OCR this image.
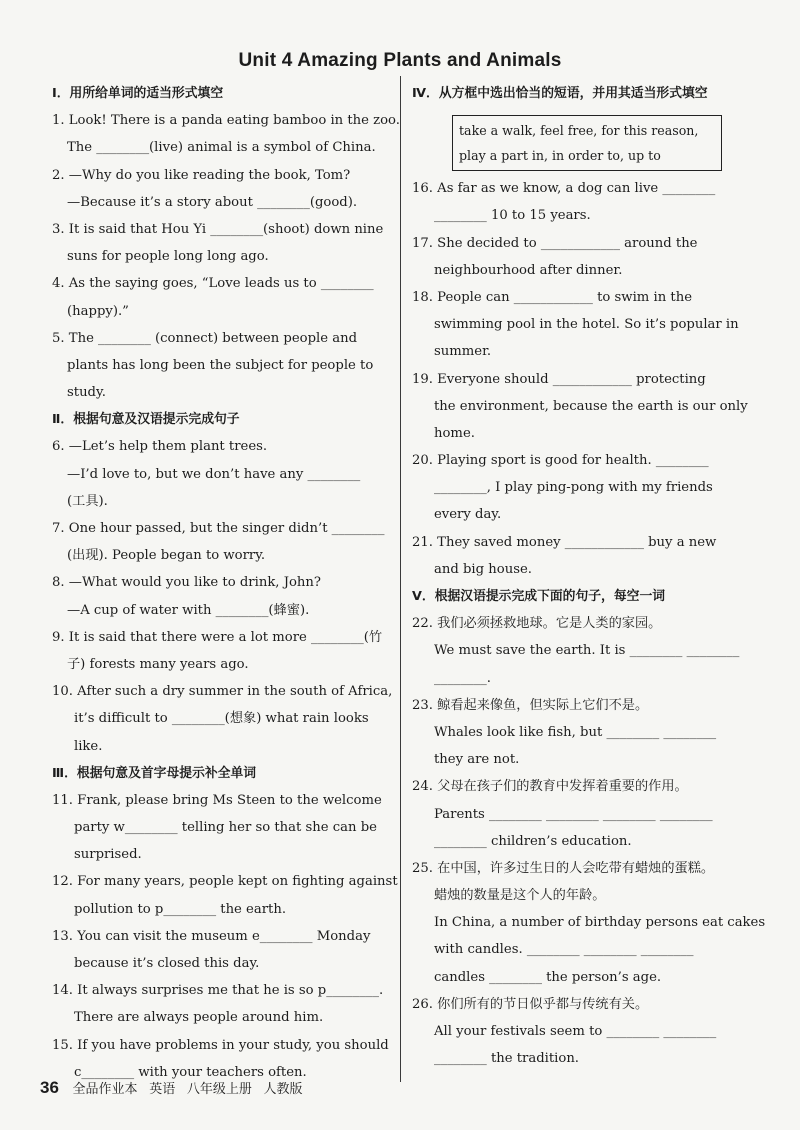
Unit 4 Amazing Plants and Animals
Ⅰ．用所给单词的适当形式填空
1. Look! There is a panda eating bamboo in the zoo.
The ________(live) animal is a symbol of China.
2. —Why do you like reading the book, Tom?
—Because it’s a story about ________(good).
3. It is said that Hou Yi ________(shoot) down nine
suns for people long long ago.
4. As the saying goes, “Love leads us to ________
(happy).”
5. The ________ (connect) between people and
plants has long been the subject for people to
study.
Ⅱ．根据句意及汉语提示完成句子
6. —Let’s help them plant trees.
—I’d love to, but we don’t have any ________
(工具).
7. One hour passed, but the singer didn’t ________
(出现). People began to worry.
8. —What would you like to drink, John?
—A cup of water with ________(蜂蜜).
9. It is said that there were a lot more ________(竹
子) forests many years ago.
10. After such a dry summer in the south of Africa,
it’s difficult to ________(想象) what rain looks
like.
Ⅲ．根据句意及首字母提示补全单词
11. Frank, please bring Ms Steen to the welcome
party w________ telling her so that she can be
surprised.
12. For many years, people kept on fighting against
pollution to p________ the earth.
13. You can visit the museum e________ Monday
because it’s closed this day.
14. It always surprises me that he is so p________.
There are always people around him.
15. If you have problems in your study, you should
c________ with your teachers often.
Ⅳ．从方框中选出恰当的短语，并用其适当形式填空
take a walk, feel free, for this reason,
play a part in, in order to, up to
16. As far as we know, a dog can live ________
________ 10 to 15 years.
17. She decided to ____________ around the
neighbourhood after dinner.
18. People can ____________ to swim in the
swimming pool in the hotel. So it’s popular in
summer.
19. Everyone should ____________ protecting
the environment, because the earth is our only
home.
20. Playing sport is good for health. ________
________, I play ping-pong with my friends
every day.
21. They saved money ____________ buy a new
and big house.
Ⅴ．根据汉语提示完成下面的句子，每空一词
22. 我们必须拯救地球。它是人类的家园。
We must save the earth. It is ________ ________
________.
23. 鲸看起来像鱼，但实际上它们不是。
Whales look like fish, but ________ ________
they are not.
24. 父母在孩子们的教育中发挥着重要的作用。
Parents ________ ________ ________ ________
________ children’s education.
25. 在中国，许多过生日的人会吃带有蜡烛的蛋糕。
蜡烛的数量是这个人的年龄。
In China, a number of birthday persons eat cakes
with candles. ________ ________ ________
candles ________ the person’s age.
26. 你们所有的节日似乎都与传统有关。
All your festivals seem to ________ ________
________ the tradition.
36 全品作业本 英语 八年级上册 人教版
